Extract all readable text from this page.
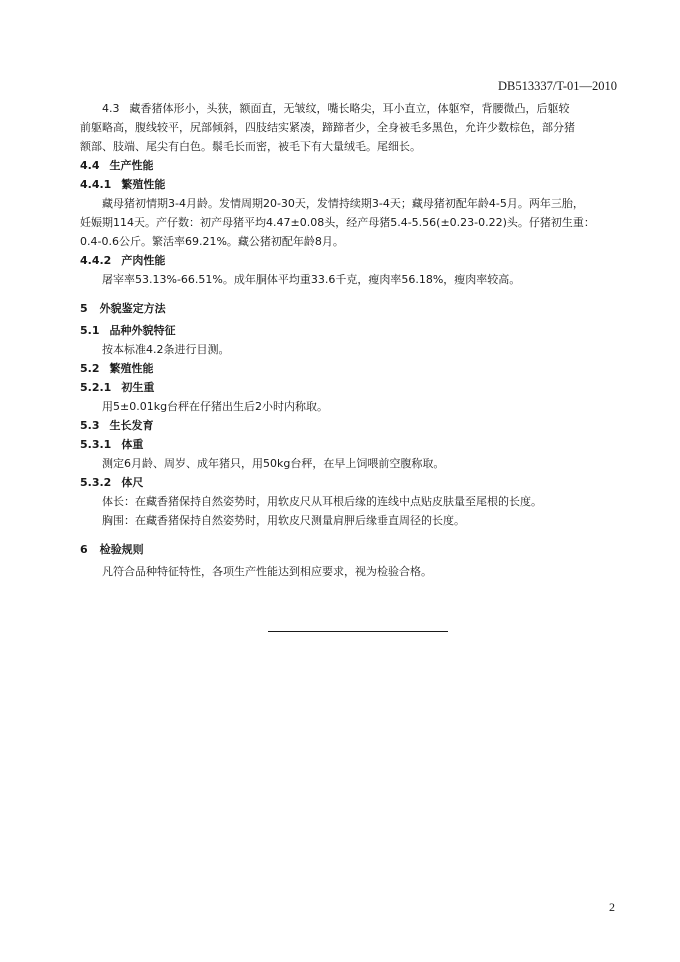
DB513337/T-01—2010
4.3 藏香猪体形小，头狭，额面直，无皱纹，嘴长略尖，耳小直立，体躯窄，背腰微凸，后躯较
前躯略高，腹线较平，尻部倾斜，四肢结实紧凑，蹄蹄者少，全身被毛多黑色，允许少数棕色，部分猪
额部、肢端、尾尖有白色。鬃毛长而密，被毛下有大量绒毛。尾细长。
4.4 生产性能
4.4.1 繁殖性能
藏母猪初情期3-4月龄。发情周期20-30天，发情持续期3-4天；藏母猪初配年龄4-5月。两年三胎，
妊娠期114天。产仔数：初产母猪平均4.47±0.08头，经产母猪5.4-5.56(±0.23-0.22)头。仔猪初生重：
0.4-0.6公斤。繁活率69.21%。藏公猪初配年龄8月。
4.4.2 产肉性能
屠宰率53.13%-66.51%。成年胴体平均重33.6千克，瘦肉率56.18%，瘦肉率较高。
5 外貌鉴定方法
5.1 品种外貌特征
按本标准4.2条进行目测。
5.2 繁殖性能
5.2.1 初生重
用5±0.01kg台秤在仔猪出生后2小时内称取。
5.3 生长发育
5.3.1 体重
测定6月龄、周岁、成年猪只，用50kg台秤，在早上饲喂前空腹称取。
5.3.2 体尺
体长：在藏香猪保持自然姿势时，用软皮尺从耳根后缘的连线中点贴皮肤量至尾根的长度。
胸围：在藏香猪保持自然姿势时，用软皮尺测量肩胛后缘垂直周径的长度。
6 检验规则
凡符合品种特征特性，各项生产性能达到相应要求，视为检验合格。
2
